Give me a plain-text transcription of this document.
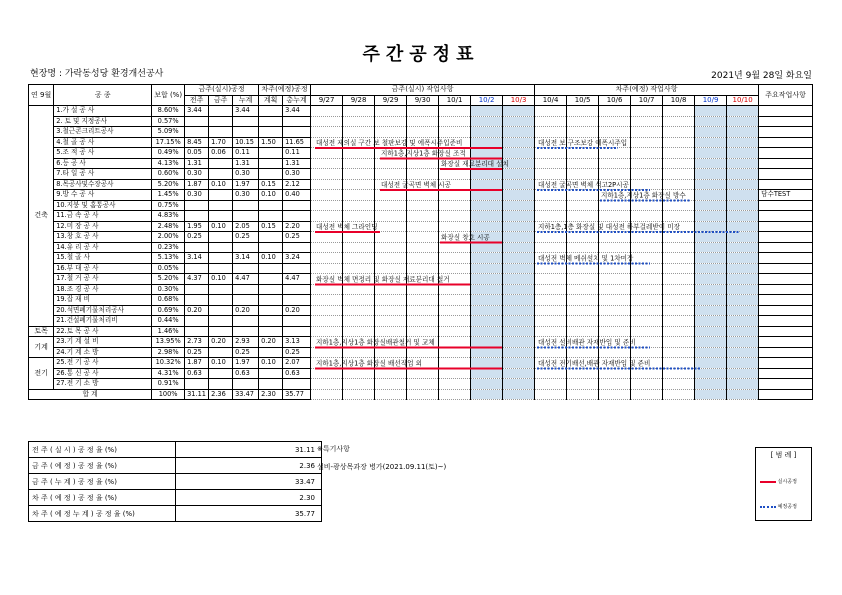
주간공정표
현장명 : 가락동성당 환경개선공사	2021년 9월 28일 화요일
연 9월	공 종	보합 (%)	금주(실시)공정			차주(예정)공정		금주(실시) 작업사항							차주(예정) 작업사항							주요작업사항
			전주	금주	누계	계획	총누계	9/27	9/28	9/29	9/30	10/1	10/2	10/3	10/4	10/5	10/6	10/7	10/8	10/9	10/10	
건축	1.가 설 공 사	8.60%	3.44		3.44		3.44															
	2. 토 및 지정공사	0.57%																				
	3.철근콘크리트공사	5.09%																				
	4.철 골 공 사	17.15%	8.45	1.70	10.15	1.50	11.65															
	5.조 적 공 사	0.49%	0.05	0.06	0.11		0.11															
	6.등 공 사	4.13%	1.31		1.31		1.31															
	7.타 일 공 사	0.60%	0.30		0.30		0.30															
	8.목공사및수장공사	5.20%	1.87	0.10	1.97	0.15	2.12															
	9.방 수 공 사	1.45%	0.30		0.30	0.10	0.40															담수TEST
	10.지붕 및 홈통공사	0.75%																				
	11.금 속 공 사	4.83%																				
	12.미 장 공 사	2.48%	1.95	0.10	2.05	0.15	2.20															
	13.창 호 공 사	2.00%	0.25		0.25		0.25															
	14.유 리 공 사	0.23%																				
	15.철 골 사	5.13%	3.14		3.14	0.10	3.24															
	16.부 대 공 사	0.05%																				
	17.철 거 공 사	5.20%	4.37	0.10	4.47		4.47															
	18.조 경 공 사	0.30%																				
	19.잡 재 비	0.68%																				
	20.석면폐기물처리공사	0.69%	0.20		0.20		0.20															
	21.건설폐기물처리비	0.44%																				
토목	22.토 목 공 사	1.46%																				
기계	23.기 계 설 비	13.95%	2.73	0.20	2.93	0.20	3.13															
	24.기 계 소 방	2.98%	0.25		0.25		0.25															
전기	25.전 기 공 사	10.32%	1.87	0.10	1.97	0.10	2.07															
	26.통 신 공 사	4.31%	0.63		0.63		0.63															
	27.전 기 소 방	0.91%																				
합 계		100%	31.11	2.36	33.47	2.30	35.77															
대성전 제의실 구간 보 철판보강 및 에폭시주입준비
지하1층,지상1층 화장실 조적
화장실 재료분리대 설치
대성전 굴곡면 벽체 시공
대성전 벽체 그라인딩
화장실 창호 시공
화장실 벽체 면정리 및 화장실 재료분리대 철거
지하1층,지상1층 화장실배관철거 및 교체
지하1층,지상1층 화장실 배선작업 외
대성전 보 구조보강 에폭시주입
대성전 굴곡면 벽체 석고2P시공
지하1층,지상1층 화장실 방수
지하1층,1층 화장실 및 대성전 하부걸레받이 미장
대성전 벽체 메쉬설치 및 1차미장
대성전 설비배관 자재반입 및 준비
대성전 전기배선,배관 자재반입 및 준비
전 주 ( 실 시 ) 공 정 율 (%)	31.11
금 주 ( 예 정 ) 공 정 율 (%)	2.36
금 주 ( 누 계 ) 공 정 율 (%)	33.47
차 주 ( 예 정 ) 공 정 율 (%)	2.30
차 주 ( 예 정 누 계 ) 공 정 율 (%)	35.77
※특기사항
설비-광상목과장 병가(2021.09.11(토)~)
[ 범 례 ]
실시공정
예정공정
